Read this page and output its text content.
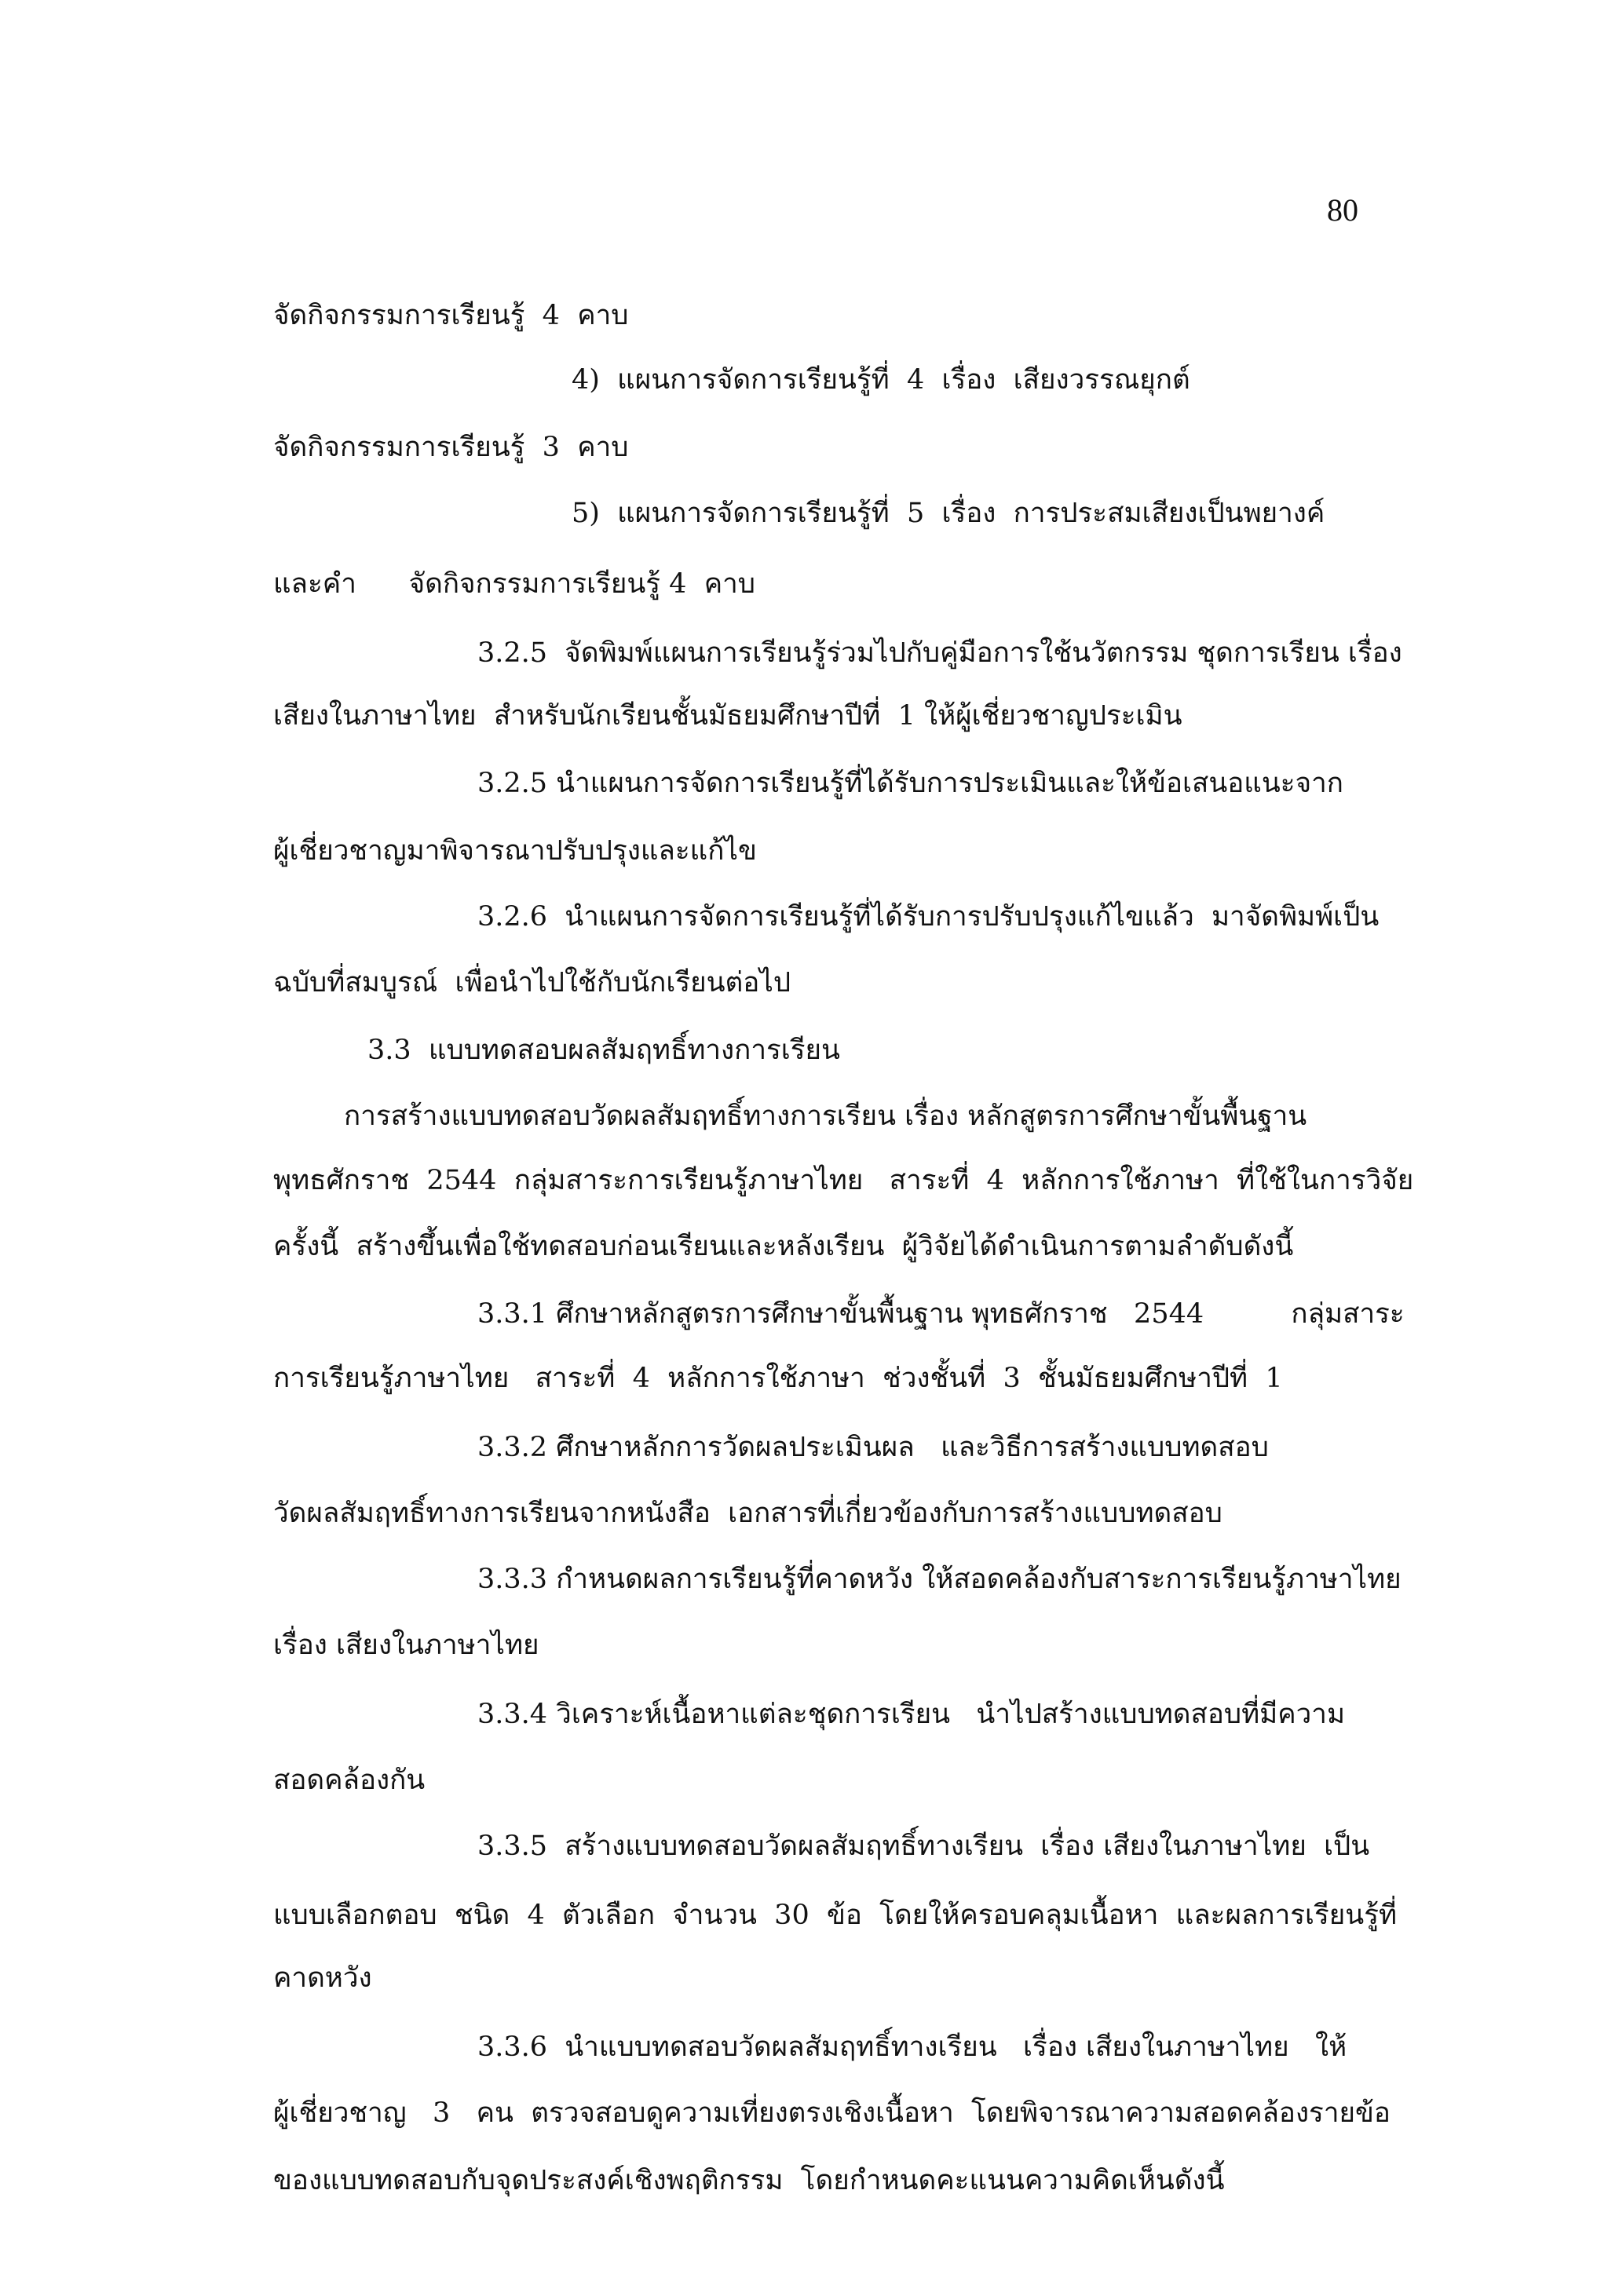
80
จัดกิจกรรมการเรียนรู้  4  คาบ
4)  แผนการจัดการเรียนรู้ที่  4  เรื่อง  เสียงวรรณยุกต์
จัดกิจกรรมการเรียนรู้  3  คาบ
5)  แผนการจัดการเรียนรู้ที่  5  เรื่อง  การประสมเสียงเป็นพยางค์
และคำ      จัดกิจกรรมการเรียนรู้ 4  คาบ
3.2.5  จัดพิมพ์แผนการเรียนรู้ร่วมไปกับคู่มือการใช้นวัตกรรม ชุดการเรียน เรื่อง
เสียงในภาษาไทย  สำหรับนักเรียนชั้นมัธยมศึกษาปีที่  1 ให้ผู้เชี่ยวชาญประเมิน
3.2.5 นำแผนการจัดการเรียนรู้ที่ได้รับการประเมินและให้ข้อเสนอแนะจาก
ผู้เชี่ยวชาญมาพิจารณาปรับปรุงและแก้ไข
3.2.6  นำแผนการจัดการเรียนรู้ที่ได้รับการปรับปรุงแก้ไขแล้ว  มาจัดพิมพ์เป็น
ฉบับที่สมบูรณ์  เพื่อนำไปใช้กับนักเรียนต่อไป
3.3  แบบทดสอบผลสัมฤทธิ์ทางการเรียน
การสร้างแบบทดสอบวัดผลสัมฤทธิ์ทางการเรียน เรื่อง หลักสูตรการศึกษาขั้นพื้นฐาน
พุทธศักราช  2544  กลุ่มสาระการเรียนรู้ภาษาไทย   สาระที่  4  หลักการใช้ภาษา  ที่ใช้ในการวิจัย
ครั้งนี้  สร้างขึ้นเพื่อใช้ทดสอบก่อนเรียนและหลังเรียน  ผู้วิจัยได้ดำเนินการตามลำดับดังนี้
3.3.1 ศึกษาหลักสูตรการศึกษาขั้นพื้นฐาน พุทธศักราช   2544          กลุ่มสาระ
การเรียนรู้ภาษาไทย   สาระที่  4  หลักการใช้ภาษา  ช่วงชั้นที่  3  ชั้นมัธยมศึกษาปีที่  1
3.3.2 ศึกษาหลักการวัดผลประเมินผล   และวิธีการสร้างแบบทดสอบ
วัดผลสัมฤทธิ์ทางการเรียนจากหนังสือ  เอกสารที่เกี่ยวข้องกับการสร้างแบบทดสอบ
3.3.3 กำหนดผลการเรียนรู้ที่คาดหวัง ให้สอดคล้องกับสาระการเรียนรู้ภาษาไทย
เรื่อง เสียงในภาษาไทย
3.3.4 วิเคราะห์เนื้อหาแต่ละชุดการเรียน   นำไปสร้างแบบทดสอบที่มีความ
สอดคล้องกัน
3.3.5  สร้างแบบทดสอบวัดผลสัมฤทธิ์ทางเรียน  เรื่อง เสียงในภาษาไทย  เป็น
แบบเลือกตอบ  ชนิด  4  ตัวเลือก  จำนวน  30  ข้อ  โดยให้ครอบคลุมเนื้อหา  และผลการเรียนรู้ที่
คาดหวัง
3.3.6  นำแบบทดสอบวัดผลสัมฤทธิ์ทางเรียน   เรื่อง เสียงในภาษาไทย   ให้
ผู้เชี่ยวชาญ   3   คน  ตรวจสอบดูความเที่ยงตรงเชิงเนื้อหา  โดยพิจารณาความสอดคล้องรายข้อ
ของแบบทดสอบกับจุดประสงค์เชิงพฤติกรรม  โดยกำหนดคะแนนความคิดเห็นดังนี้
